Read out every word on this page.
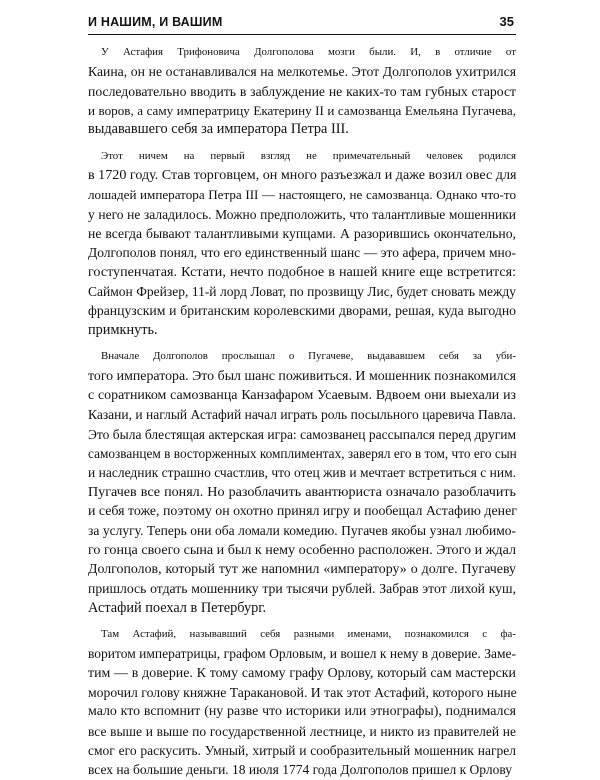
И НАШИМ, И ВАШИМ	35
У Астафия Трифоновича Долгополова мозги были. И, в отличие от
Каина, он не останавливался на мелкотемье. Этот Долгополов ухитрился
последовательно вводить в заблуждение не каких-то там губных старост
и воров, а саму императрицу Екатерину II и самозванца Емельяна Пугачева,
выдававшего себя за императора Петра III.
Этот ничем на первый взгляд не примечательный человек родился
в 1720 году. Став торговцем, он много разъезжал и даже возил овес для
лошадей императора Петра III — настоящего, не самозванца. Однако что-то
у него не заладилось. Можно предположить, что талантливые мошенники
не всегда бывают талантливыми купцами. А разорившись окончательно,
Долгополов понял, что его единственный шанс — это афера, причем мно-
гоступенчатая. Кстати, нечто подобное в нашей книге еще встретится:
Саймон Фрейзер, 11-й лорд Ловат, по прозвищу Лис, будет сновать между
французским и британским королевскими дворами, решая, куда выгодно
примкнуть.
Вначале Долгополов прослышал о Пугачеве, выдававшем себя за уби-
того императора. Это был шанс поживиться. И мошенник познакомился
с соратником самозванца Канзафаром Усаевым. Вдвоем они выехали из
Казани, и наглый Астафий начал играть роль посыльного царевича Павла.
Это была блестящая актерская игра: самозванец рассыпался перед другим
самозванцем в восторженных комплиментах, заверял его в том, что его сын
и наследник страшно счастлив, что отец жив и мечтает встретиться с ним.
Пугачев все понял. Но разоблачить авантюриста означало разоблачить
и себя тоже, поэтому он охотно принял игру и пообещал Астафию денег
за услугу. Теперь они оба ломали комедию. Пугачев якобы узнал любимо-
го гонца своего сына и был к нему особенно расположен. Этого и ждал
Долгополов, который тут же напомнил «императору» о долге. Пугачеву
пришлось отдать мошеннику три тысячи рублей. Забрав этот лихой куш,
Астафий поехал в Петербург.
Там Астафий, называвший себя разными именами, познакомился с фа-
воритом императрицы, графом Орловым, и вошел к нему в доверие. Заме-
тим — в доверие. К тому самому графу Орлову, который сам мастерски
морочил голову княжне Таракановой. И так этот Астафий, которого ныне
мало кто вспомнит (ну разве что историки или этнографы), поднимался
все выше и выше по государственной лестнице, и никто из правителей не
смог его раскусить. Умный, хитрый и сообразительный мошенник нагрел
всех на большие деньги. 18 июля 1774 года Долгополов пришел к Орлову
